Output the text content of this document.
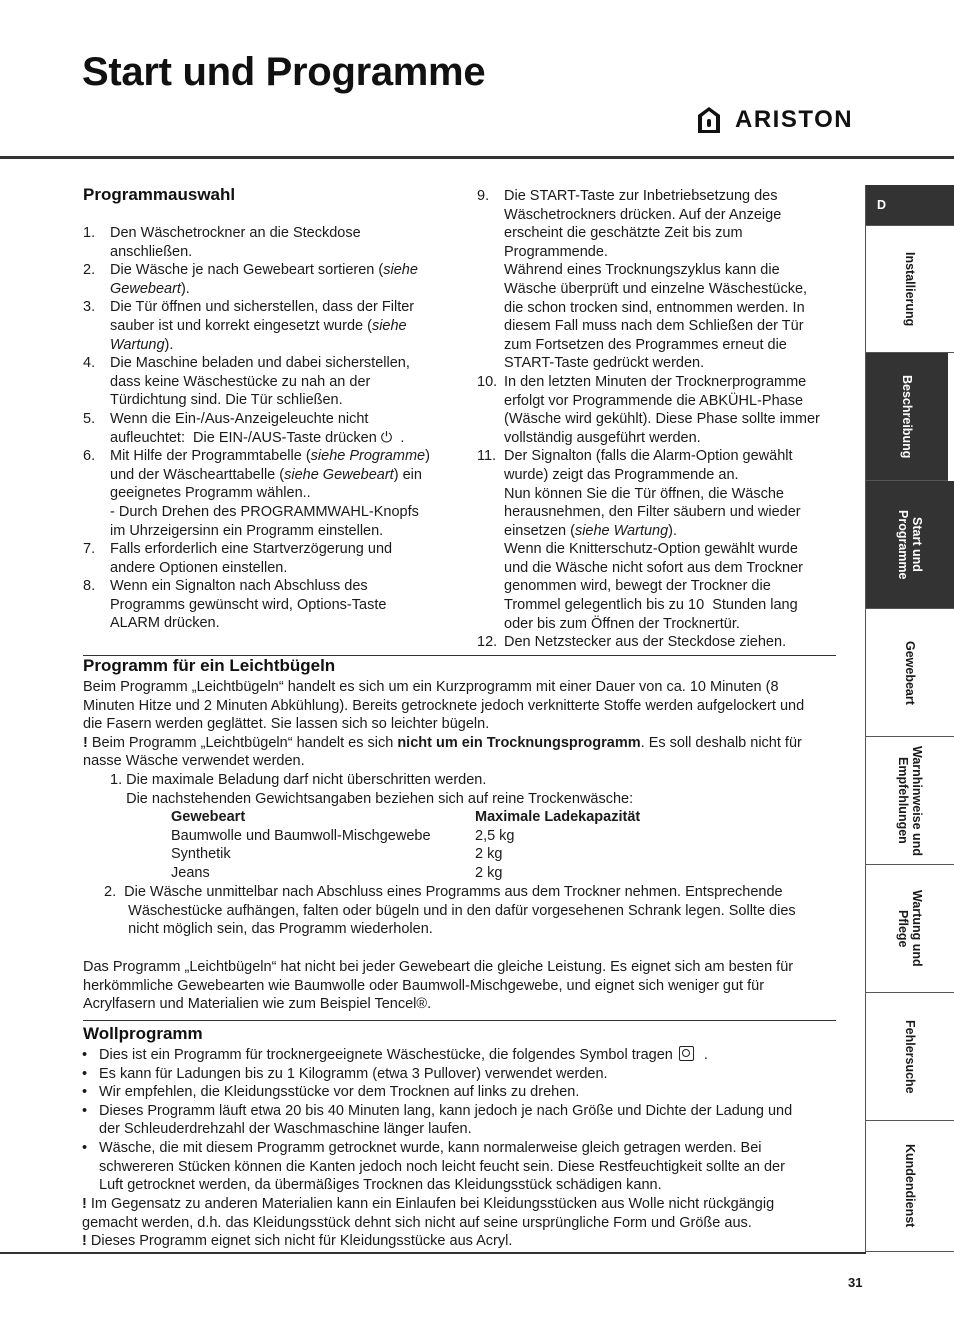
Start und Programme
ARISTON
Programmauswahl
1. Den Wäschetrockner an die Steckdose
anschließen.
2. Die Wäsche je nach Gewebeart sortieren (siehe
Gewebeart).
3. Die Tür öffnen und sicherstellen, dass der Filter
sauber ist und korrekt eingesetzt wurde (siehe
Wartung).
4. Die Maschine beladen und dabei sicherstellen,
dass keine Wäschestücke zu nah an der
Türdichtung sind. Die Tür schließen.
5. Wenn die Ein-/Aus-Anzeigeleuchte nicht
aufleuchtet:  Die EIN-/AUS-Taste drücken ⏻  .
6. Mit Hilfe der Programmtabelle (siehe Programme)
und der Wäschearttabelle (siehe Gewebeart) ein
geeignetes Programm wählen..
- Durch Drehen des PROGRAMMWAHL-Knopfs
im Uhrzeigersinn ein Programm einstellen.
7. Falls erforderlich eine Startverzögerung und
andere Optionen einstellen.
8. Wenn ein Signalton nach Abschluss des
Programms gewünscht wird, Options-Taste
ALARM drücken.
9. Die START-Taste zur Inbetriebsetzung des
Wäschetrockners drücken. Auf der Anzeige
erscheint die geschätzte Zeit bis zum
Programmende.
Während eines Trocknungszyklus kann die
Wäsche überprüft und einzelne Wäschestücke,
die schon trocken sind, entnommen werden. In
diesem Fall muss nach dem Schließen der Tür
zum Fortsetzen des Programmes erneut die
START-Taste gedrückt werden.
10. In den letzten Minuten der Trocknerprogramme
erfolgt vor Programmende die ABKÜHL-Phase
(Wäsche wird gekühlt). Diese Phase sollte immer
vollständig ausgeführt werden.
11. Der Signalton (falls die Alarm-Option gewählt
wurde) zeigt das Programmende an.
Nun können Sie die Tür öffnen, die Wäsche
herausnehmen, den Filter säubern und wieder
einsetzen (siehe Wartung).
Wenn die Knitterschutz-Option gewählt wurde
und die Wäsche nicht sofort aus dem Trockner
genommen wird, bewegt der Trockner die
Trommel gelegentlich bis zu 10  Stunden lang
oder bis zum Öffnen der Trocknertür.
12. Den Netzstecker aus der Steckdose ziehen.
Programm für ein Leichtbügeln
Beim Programm „Leichtbügeln“ handelt es sich um ein Kurzprogramm mit einer Dauer von ca. 10 Minuten (8
Minuten Hitze und 2 Minuten Abkühlung). Bereits getrocknete jedoch verknitterte Stoffe werden aufgelockert und
die Fasern werden geglättet. Sie lassen sich so leichter bügeln.
! Beim Programm „Leichtbügeln“ handelt es sich nicht um ein Trocknungsprogramm. Es soll deshalb nicht für
nasse Wäsche verwendet werden.
1. Die maximale Beladung darf nicht überschritten werden.
Die nachstehenden Gewichtsangaben beziehen sich auf reine Trockenwäsche:
Gewebeart	Maximale Ladekapazität
Baumwolle und Baumwoll-Mischgewebe	2,5 kg
Synthetik	2 kg
Jeans	2 kg
2.  Die Wäsche unmittelbar nach Abschluss eines Programms aus dem Trockner nehmen. Entsprechende
Wäschestücke aufhängen, falten oder bügeln und in den dafür vorgesehenen Schrank legen. Sollte dies
nicht möglich sein, das Programm wiederholen.
Das Programm „Leichtbügeln“ hat nicht bei jeder Gewebeart die gleiche Leistung. Es eignet sich am besten für
herkömmliche Gewebearten wie Baumwolle oder Baumwoll-Mischgewebe, und eignet sich weniger gut für
Acrylfasern und Materialien wie zum Beispiel Tencel®.
Wollprogramm
• Dies ist ein Programm für trocknergeeignete Wäschestücke, die folgendes Symbol tragen
.
• Es kann für Ladungen bis zu 1 Kilogramm (etwa 3 Pullover) verwendet werden.
• Wir empfehlen, die Kleidungsstücke vor dem Trocknen auf links zu drehen.
• Dieses Programm läuft etwa 20 bis 40 Minuten lang, kann jedoch je nach Größe und Dichte der Ladung und
der Schleuderdrehzahl der Waschmaschine länger laufen.
• Wäsche, die mit diesem Programm getrocknet wurde, kann normalerweise gleich getragen werden. Bei
schwereren Stücken können die Kanten jedoch noch leicht feucht sein. Diese Restfeuchtigkeit sollte an der
Luft getrocknet werden, da übermäßiges Trocknen das Kleidungsstück schädigen kann.
! Im Gegensatz zu anderen Materialien kann ein Einlaufen bei Kleidungsstücken aus Wolle nicht rückgängig
gemacht werden, d.h. das Kleidungsstück dehnt sich nicht auf seine ursprüngliche Form und Größe aus.
! Dieses Programm eignet sich nicht für Kleidungsstücke aus Acryl.
D
Installierung
Beschreibung
Start und
Programme
Gewebeart
Warnhinweise und
Empfehlungen
Wartung und
Pflege
Fehlersuche
Kundendienst
31
